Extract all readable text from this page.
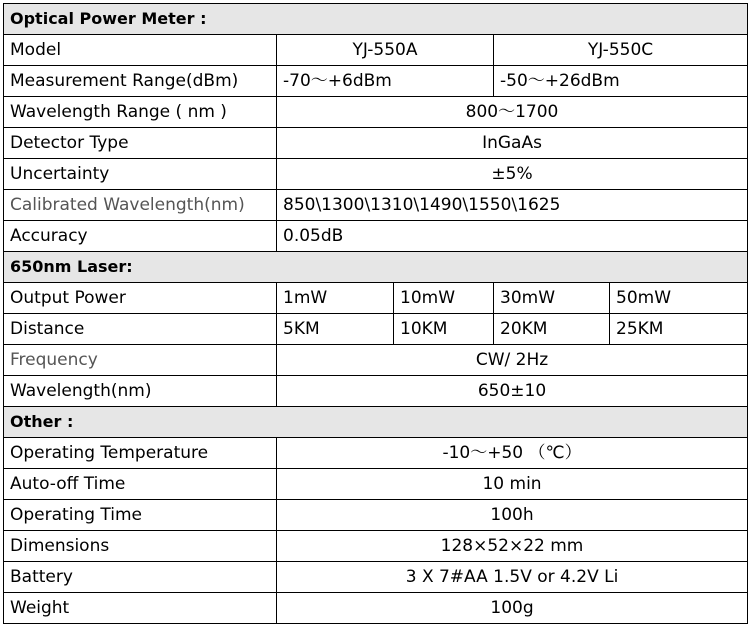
Optical Power Meter :				
Model	YJ-550A		YJ-550C	
Measurement Range(dBm)	-70～+6dBm		-50～+26dBm	
Wavelength Range ( nm )	800～1700			
Detector Type	InGaAs			
Uncertainty	±5%			
Calibrated Wavelength(nm)	850\1300\1310\1490\1550\1625			
Accuracy	0.05dB			
650nm Laser:				
Output Power	1mW	10mW	30mW	50mW
Distance	5KM	10KM	20KM	25KM
Frequency	CW/ 2Hz			
Wavelength(nm)	650±10			
Other :				
Operating Temperature	-10～+50 （℃）			
Auto-off Time	10 min			
Operating Time	100h			
Dimensions	128×52×22 mm			
Battery	3 X 7#AA 1.5V or 4.2V Li			
Weight	100g			
